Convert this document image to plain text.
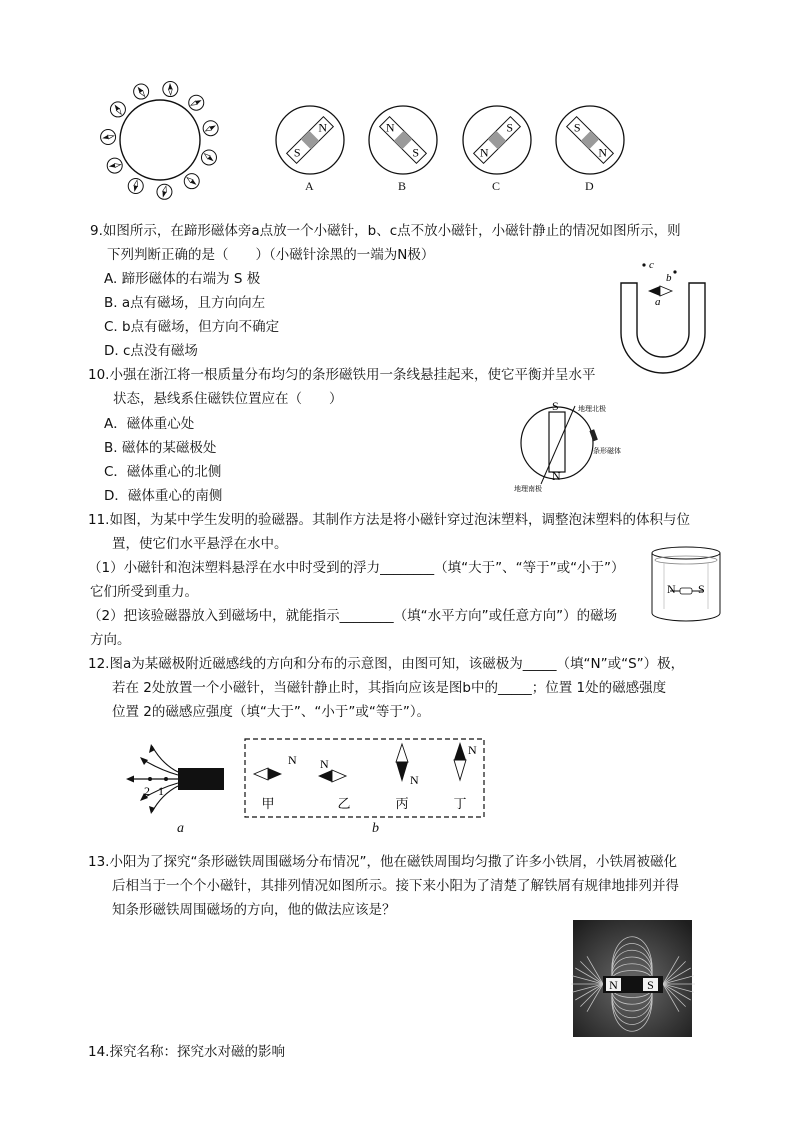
N
S
A
N
S
B
S
N
C
S
N
D
9.如图所示，在蹄形磁体旁a点放一个小磁针，b、c点不放小磁针，小磁针静止的情况如图所示，则
下列判断正确的是（　　）（小磁针涂黑的一端为N极）
A. 蹄形磁体的右端为 S 极
B. a点有磁场，且方向向左
C. b点有磁场，但方向不确定
D. c点没有磁场
c
b
a
10.小强在浙江将一根质量分布均匀的条形磁铁用一条线悬挂起来，使它平衡并呈水平
状态，悬线系住磁铁位置应在（　　）
A．磁体重心处
B. 磁体的某磁极处
C．磁体重心的北侧
D．磁体重心的南侧
S
N
地理北极
地理南极
条形磁体
11.如图，为某中学生发明的验磁器。其制作方法是将小磁针穿过泡沫塑料，调整泡沫塑料的体积与位
置，使它们水平悬浮在水中。
（1）小磁针和泡沫塑料悬浮在水中时受到的浮力________（填“大于”、“等于”或“小于”）
它们所受到重力。
（2）把该验磁器放入到磁场中，就能指示________（填“水平方向”或任意方向”）的磁场
方向。
N S
12.图a为某磁极附近磁感线的方向和分布的示意图，由图可知，该磁极为_____（填“N”或“S”）极，
若在 2处放置一个小磁针，当磁针静止时，其指向应该是图b中的_____；位置 1处的磁感强度
位置 2的磁感应强度（填“大于”、“小于”或“等于”）。
2 1
a
N
甲
N
乙
N
丙
N
丁
b
13.小阳为了探究“条形磁铁周围磁场分布情况”，他在磁铁周围均匀撒了许多小铁屑，小铁屑被磁化
后相当于一个个小磁针，其排列情况如图所示。接下来小阳为了清楚了解铁屑有规律地排列并得
知条形磁铁周围磁场的方向，他的做法应该是？
N S
14.探究名称：探究水对磁的影响
